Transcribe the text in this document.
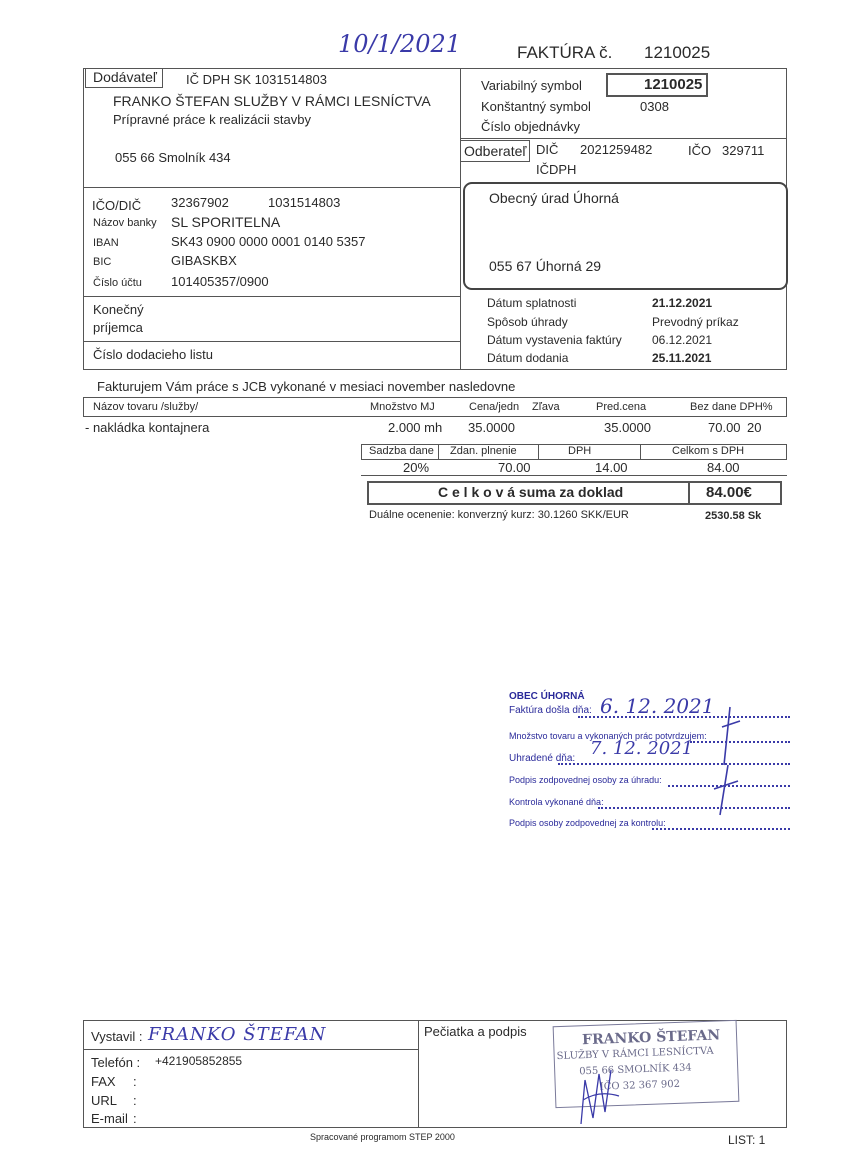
10/1/2021	FAKTÚRA č. 1210025
Dodávateľ IČ DPH SK 1031514803
FRANKO ŠTEFAN SLUŽBY V RÁMCI LESNÍCTVA
Prípravné práce k realizácii stavby
055 66 Smolník 434
IČO/DIČ 32367902	1031514803
Názov banky SL SPORITELNA
IBAN	SK43 0900 0000 0001 0140 5357
BIC	GIBASKBX
Číslo účtu 101405357/0900
Konečný
príjemca
Číslo dodacieho listu
Variabilný symbol	1210025
Konštantný symbol	0308
Číslo objednávky
Odberateľ DIČ 2021259482	IČO 329711
IČDPH
Obecný úrad Úhorná
055 67 Úhorná 29
Dátum splatnosti	21.12.2021
Spôsob úhrady	Prevodný príkaz
Dátum vystavenia faktúry	06.12.2021
Dátum dodania	25.11.2021
Fakturujem Vám práce s JCB vykonané v mesiaci november nasledovne
Názov tovaru /služby/	Množstvo MJ	Cena/jedn Zľava	Pred.cena	Bez dane DPH%
- nakládka kontajnera	2.000 mh 35.0000	35.0000	70.00 20
Sadzba dane Zdan. plnenie	DPH	Celkom s DPH
20%	70.00	14.00	84.00
C e l k o v á suma za doklad	84.00€
Duálne ocenenie: konverzný kurz: 30.1260 SKK/EUR	2530.58 Sk
OBEC ÚHORNÁ
Faktúra došla dňa: 6. 12. 2021
Množstvo tovaru a vykonaných prác potvrdzujem:
Uhradené dňa: 7. 12. 2021
Podpis zodpovednej osoby za úhradu:
Kontrola vykonané dňa:
Podpis osoby zodpovednej za kontrolu:
Vystavil : FRANKO ŠTEFAN
Telefón : +421905852855
FAX :
URL :
E-mail :
Pečiatka a podpis	FRANKO ŠTEFAN
SLUŽBY V RÁMCI LESNÍCTVA
055 66 SMOLNÍK 434
IČO 32 367 902
Spracované programom STEP 2000	LIST: 1
